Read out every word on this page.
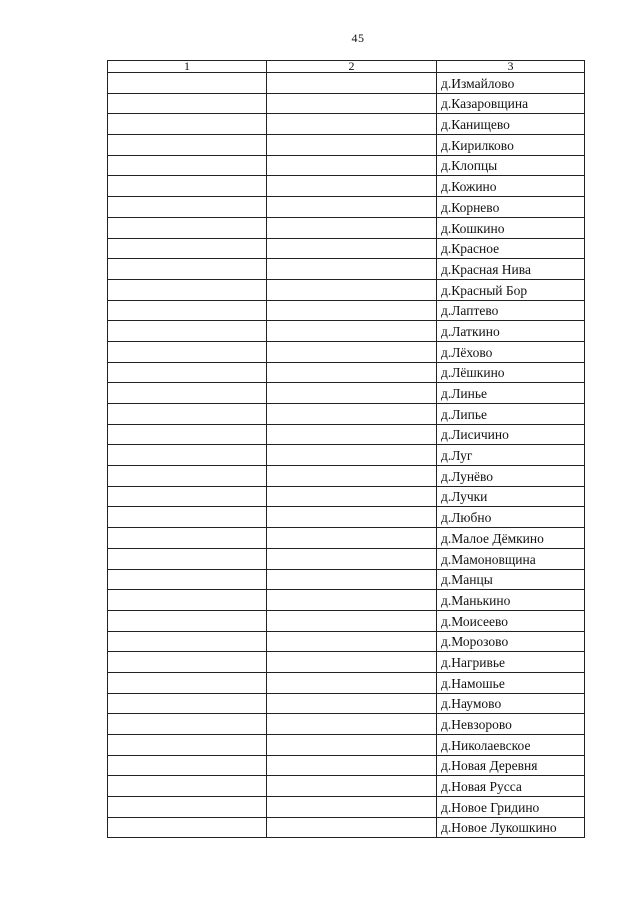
45
1	2	3
		д.Измайлово
		д.Казаровщина
		д.Канищево
		д.Кирилково
		д.Клопцы
		д.Кожино
		д.Корнево
		д.Кошкино
		д.Красное
		д.Красная Нива
		д.Красный Бор
		д.Лаптево
		д.Латкино
		д.Лёхово
		д.Лёшкино
		д.Линье
		д.Липье
		д.Лисичино
		д.Луг
		д.Лунёво
		д.Лучки
		д.Любно
		д.Малое Дёмкино
		д.Мамоновщина
		д.Манцы
		д.Манькино
		д.Моисеево
		д.Морозово
		д.Нагривье
		д.Намошье
		д.Наумово
		д.Невзорово
		д.Николаевское
		д.Новая Деревня
		д.Новая Русса
		д.Новое Гридино
		д.Новое Лукошкино
